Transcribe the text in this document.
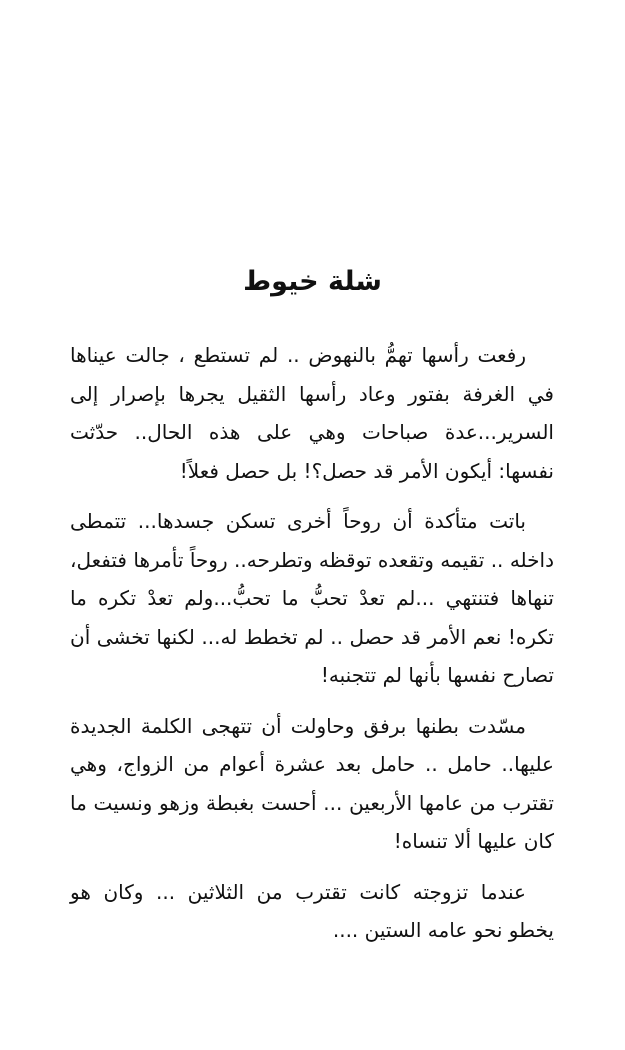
شلة خيوط

رفعت رأسها تهمُّ بالنهوض .. لم تستطع ، جالت عيناها في الغرفة بفتور وعاد رأسها الثقيل يجرها بإصرار إلى السرير...عدة صباحات وهي على هذه الحال.. حدّثت نفسها: أيكون الأمر قد حصل؟! بل حصل فعلاً!

باتت متأكدة أن روحاً أخرى تسكن جسدها... تتمطى داخله .. تقيمه وتقعده توقظه وتطرحه.. روحاً تأمرها فتفعل، تنهاها فتنتهي ...لم تعدْ تحبُّ ما تحبُّ...ولم تعدْ تكره ما تكره! نعم الأمر قد حصل .. لم تخطط له... لكنها تخشى أن تصارح نفسها بأنها لم تتجنبه!

مسّدت بطنها برفق وحاولت أن تتهجى الكلمة الجديدة عليها.. حامل .. حامل بعد عشرة أعوام من الزواج، وهي تقترب من عامها الأربعين ... أحست بغبطة وزهو ونسيت ما كان عليها ألا تنساه!

عندما تزوجته كانت تقترب من الثلاثين ... وكان هو يخطو نحو عامه الستين ....
